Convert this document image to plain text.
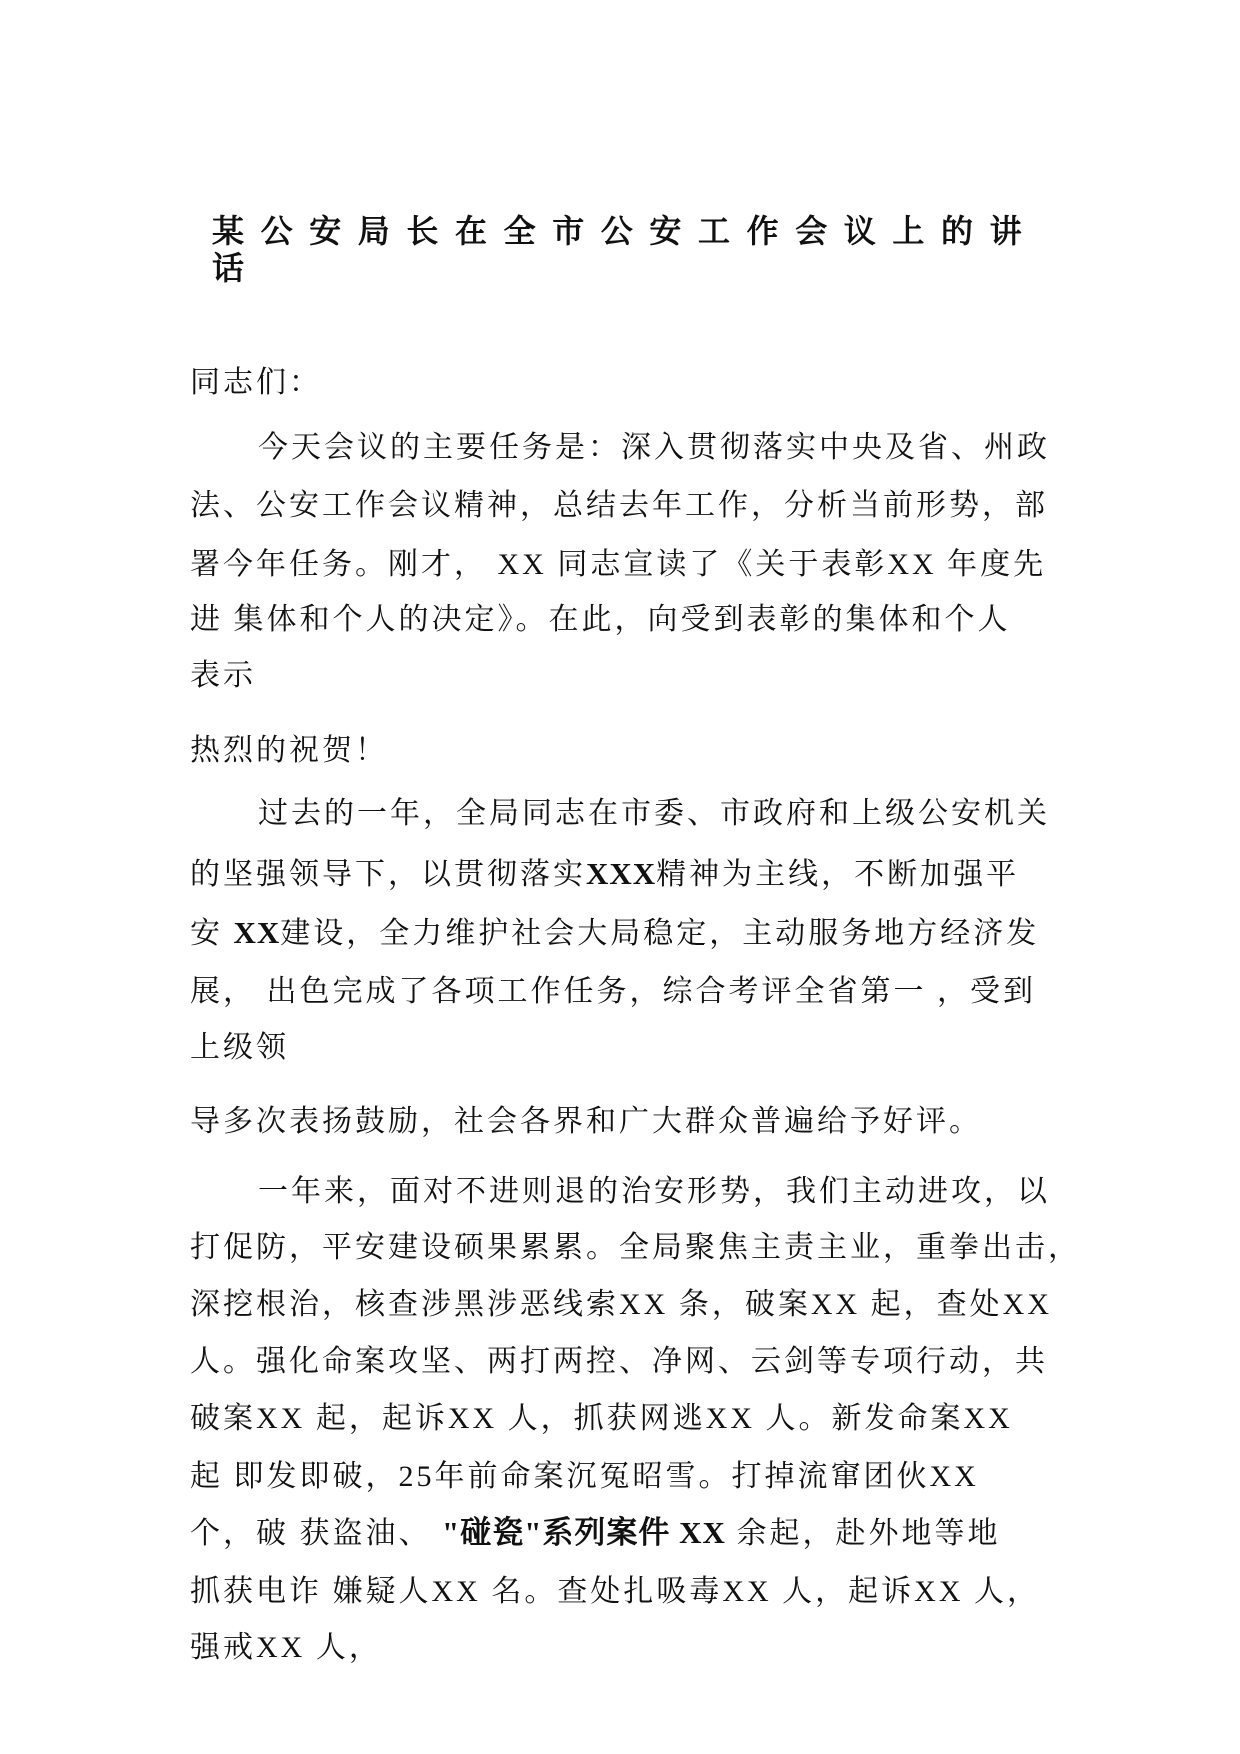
某公安局长在全市公安工作会议上的讲
话
同志们：
今天会议的主要任务是：深入贯彻落实中央及省、州政
法、公安工作会议精神，总结去年工作，分析当前形势，部
署今年任务。刚才， XX 同志宣读了《关于表彰XX 年度先
进 集体和个人的决定》。在此，向受到表彰的集体和个人
表示
热烈的祝贺！
过去的一年，全局同志在市委、市政府和上级公安机关
的坚强领导下，以贯彻落实XXX精神为主线，不断加强平
安 XX建设，全力维护社会大局稳定，主动服务地方经济发
展， 出色完成了各项工作任务，综合考评全省第一 ，受到
上级领
导多次表扬鼓励，社会各界和广大群众普遍给予好评。
一年来，面对不进则退的治安形势，我们主动进攻，以
打促防，平安建设硕果累累。全局聚焦主责主业，重拳出击，
深挖根治，核查涉黑涉恶线索XX 条，破案XX 起，查处XX
人。强化命案攻坚、两打两控、净网、云剑等专项行动，共
破案XX 起，起诉XX 人，抓获网逃XX 人。新发命案XX
起 即发即破，25年前命案沉冤昭雪。打掉流窜团伙XX
个，破 获盗油、 "碰瓷"系列案件 XX 余起，赴外地等地
抓获电诈 嫌疑人XX 名。查处扎吸毒XX 人，起诉XX 人，
强戒XX 人，
